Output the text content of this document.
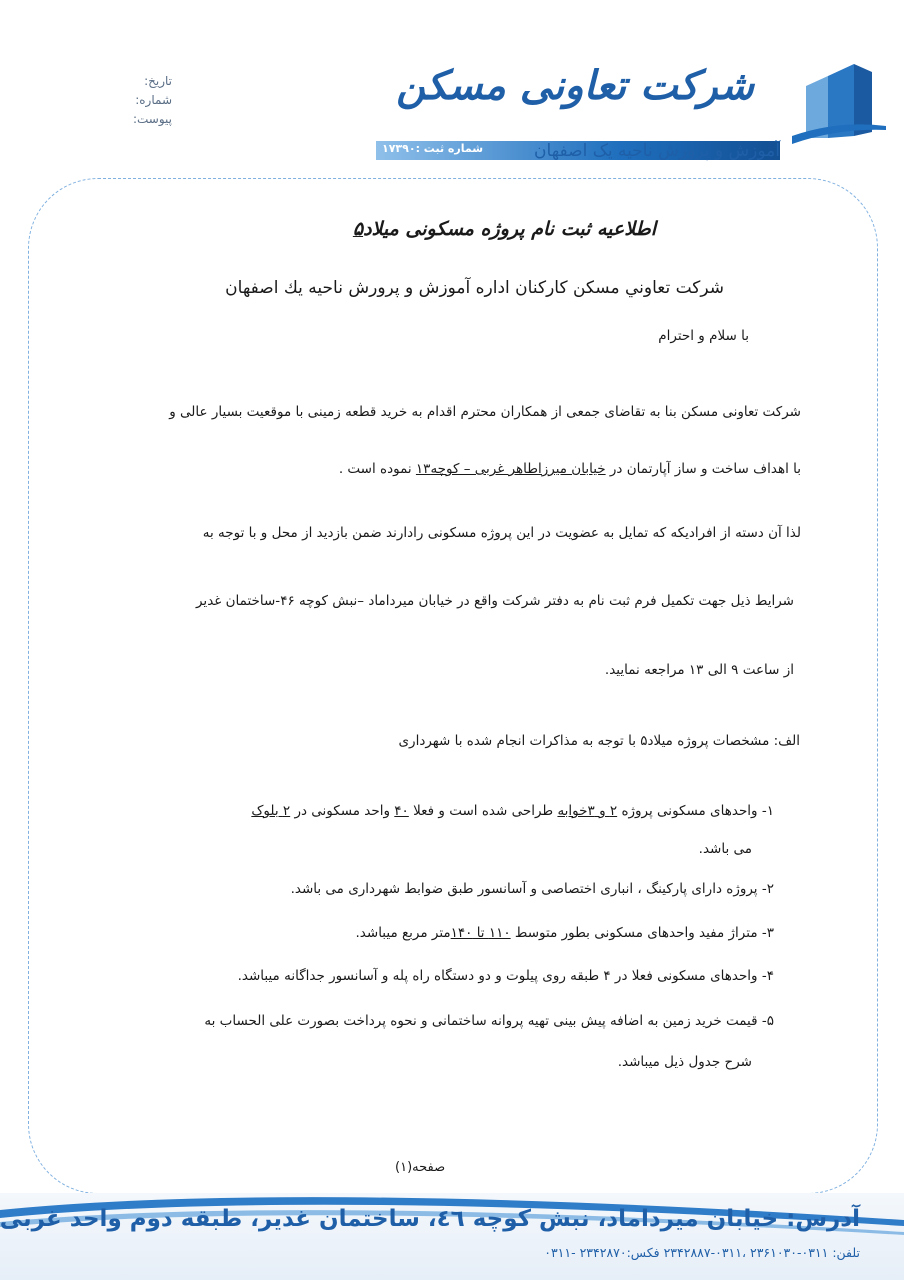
شرکت تعاونی مسکن
شماره ثبت :۱۷۳۹۰	آموزش و پرورش ناحیه یک اصفهان
تاریخ:
شماره:
پیوست:
اطلاعیه ثبت نام پروژه مسکونی میلاد۵
شرکت تعاوني مسكن كاركنان اداره آموزش و پرورش ناحيه يك اصفهان
با سلام و احترام
شرکت تعاونی مسکن بنا به تقاضای جمعی از همکاران محترم اقدام به خرید قطعه زمینی با موقعیت بسیار عالی و
با اهداف ساخت و ساز آپارتمان در خیابان میرزاطاهر غربی – کوچه۱۳ نموده است .
لذا آن دسته از افرادیکه که تمایل به عضویت در این پروژه مسکونی رادارند ضمن بازدید از محل و با توجه به
شرایط ذیل جهت تکمیل فرم ثبت نام به دفتر شرکت واقع در خیابان میرداماد –نبش کوچه ۴۶-ساختمان غدیر
از ساعت ۹ الی ۱۳ مراجعه نمایید.
الف: مشخصات پروژه میلاد۵ با توجه به مذاکرات انجام شده با شهرداری
۱- واحدهای مسکونی پروژه ۲ و ۳خوابه طراحی شده است و فعلا ۴۰ واحد مسکونی در ۲ بلوک
می باشد.
۲- پروژه دارای پارکینگ ، انباری اختصاصی و آسانسور طبق ضوابط شهرداری می باشد.
۳- متراژ مفید واحدهای مسکونی بطور متوسط ۱۱۰ تا ۱۴۰متر مربع میباشد.
۴- واحدهای مسکونی فعلا در ۴ طبقه روی پیلوت و دو دستگاه راه پله و آسانسور جداگانه میباشد.
۵- قیمت خرید زمین به اضافه پیش بینی تهیه پروانه ساختمانی و نحوه پرداخت بصورت علی الحساب به
شرح جدول ذیل میباشد.
صفحه(۱)
آدرس: خیابان میرداماد، نبش کوچه ٤٦، ساختمان غدیر، طبقه دوم واحد غربی
تلفن: ۰۳۱۱-۲۳۶۱۰۳۰ ،۰۳۱۱-۲۳۴۲۸۸۷ فکس:۲۳۴۲۸۷۰ -۰۳۱۱
